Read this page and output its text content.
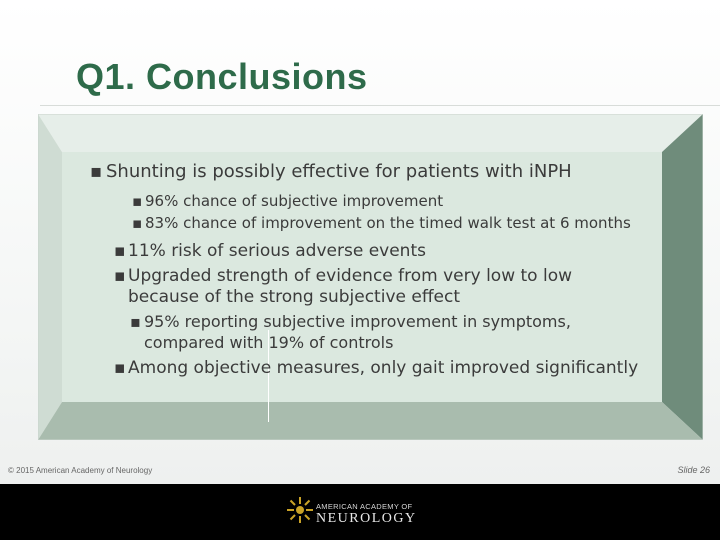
Q1. Conclusions
▪ Shunting is possibly effective for patients with iNPH
▪ 96% chance of subjective improvement
▪ 83% chance of improvement on the timed walk test at 6 months
▪ 11% risk of serious adverse events
▪ Upgraded strength of evidence from very low to low because of the strong subjective effect
▪ 95% reporting subjective improvement in symptoms, compared with 19% of controls
▪ Among objective measures, only gait improved significantly
© 2015 American Academy of Neurology	Slide 26
AMERICAN ACADEMY OF
NEUROLOGY
